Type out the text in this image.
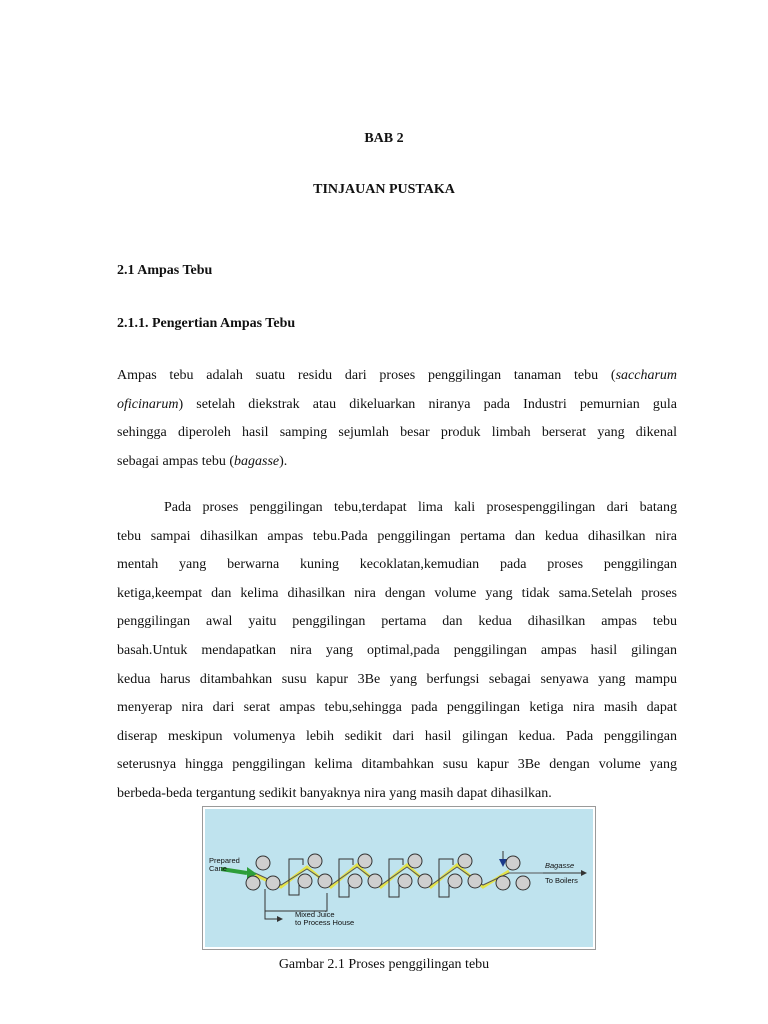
BAB 2
TINJAUAN PUSTAKA
2.1 Ampas Tebu
2.1.1. Pengertian Ampas Tebu
Ampas tebu adalah suatu residu dari proses penggilingan tanaman tebu (saccharum
oficinarum) setelah diekstrak atau dikeluarkan niranya pada Industri pemurnian gula
sehingga diperoleh hasil samping sejumlah besar produk limbah berserat yang dikenal
sebagai ampas tebu (bagasse).
Pada proses penggilingan tebu,terdapat lima kali prosespenggilingan dari batang
tebu sampai dihasilkan ampas tebu.Pada penggilingan pertama dan kedua dihasilkan nira
mentah yang berwarna kuning kecoklatan,kemudian pada proses penggilingan
ketiga,keempat dan kelima dihasilkan nira dengan volume yang tidak sama.Setelah proses
penggilingan awal yaitu penggilingan pertama dan kedua dihasilkan ampas tebu
basah.Untuk mendapatkan nira yang optimal,pada penggilingan ampas hasil gilingan
kedua harus ditambahkan susu kapur 3Be yang berfungsi sebagai senyawa yang mampu
menyerap nira dari serat ampas tebu,sehingga pada penggilingan ketiga nira masih dapat
diserap meskipun volumenya lebih sedikit dari hasil gilingan kedua. Pada penggilingan
seterusnya hingga penggilingan kelima ditambahkan susu kapur 3Be dengan volume yang
berbeda-beda tergantung sedikit banyaknya nira yang masih dapat dihasilkan.
Prepared
Cane	Bagasse
To Boilers
Mixed Juice
to Process House
Gambar 2.1 Proses penggilingan tebu
